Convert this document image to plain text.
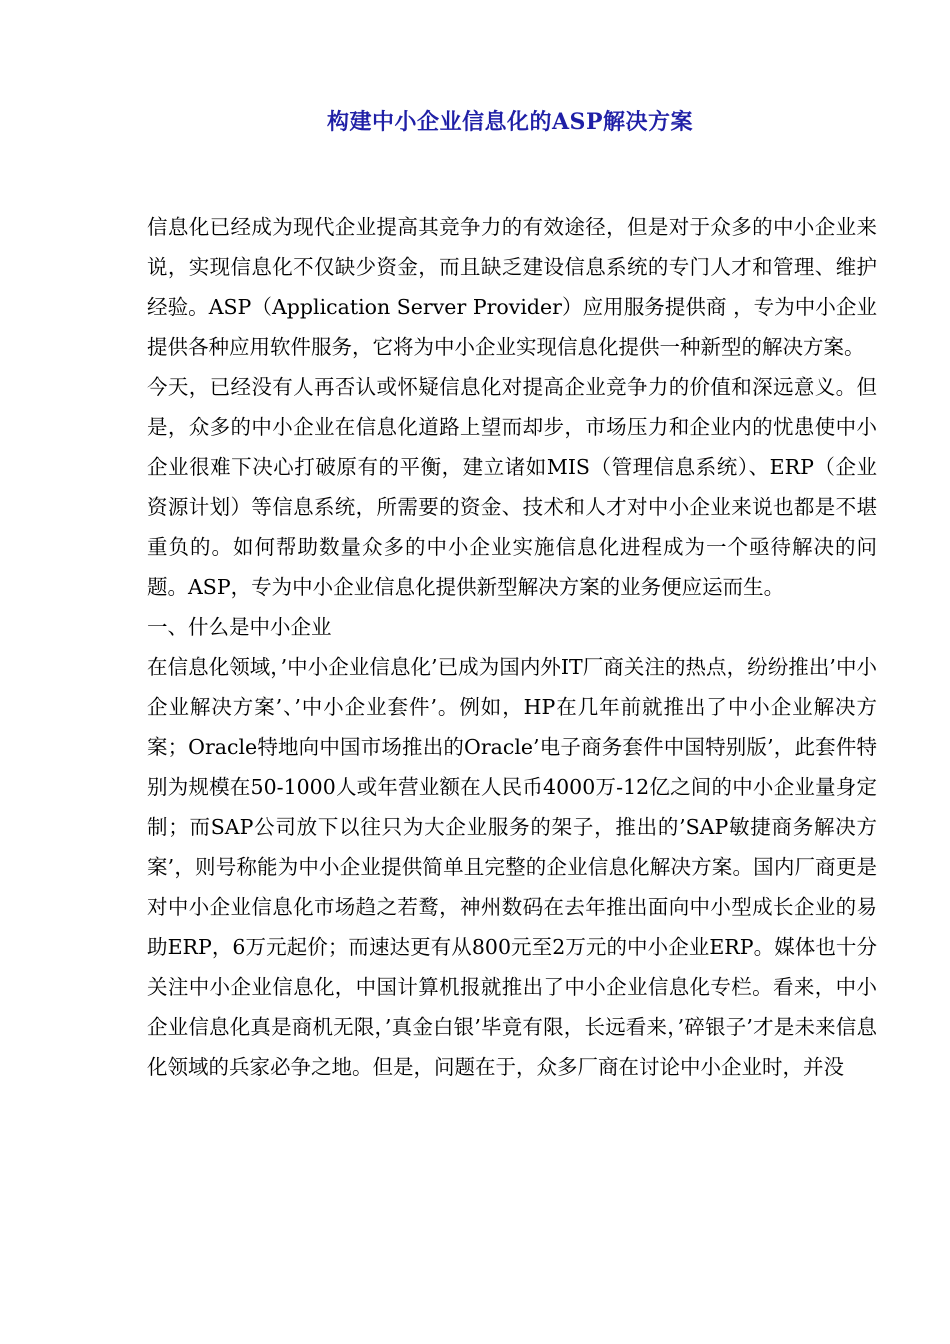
构建中小企业信息化的ASP解决方案

信息化已经成为现代企业提高其竞争力的有效途径，但是对于众多的中小企业来说，实现信息化不仅缺少资金，而且缺乏建设信息系统的专门人才和管理、维护经验。ASP（Application Server Provider）应用服务提供商 ，专为中小企业提供各种应用软件服务，它将为中小企业实现信息化提供一种新型的解决方案。

今天，已经没有人再否认或怀疑信息化对提高企业竞争力的价值和深远意义。但是，众多的中小企业在信息化道路上望而却步，市场压力和企业内的忧患使中小企业很难下决心打破原有的平衡，建立诸如MIS（管理信息系统）、ERP（企业资源计划）等信息系统，所需要的资金、技术和人才对中小企业来说也都是不堪重负的。如何帮助数量众多的中小企业实施信息化进程成为一个亟待解决的问题。ASP，专为中小企业信息化提供新型解决方案的业务便应运而生。

一、什么是中小企业

在信息化领域，’中小企业信息化’已成为国内外IT厂商关注的热点，纷纷推出’中小企业解决方案’、’中小企业套件’。例如，HP在几年前就推出了中小企业解决方案；Oracle特地向中国市场推出的Oracle’电子商务套件中国特别版’，此套件特别为规模在50-1000人或年营业额在人民币4000万-12亿之间的中小企业量身定制；而SAP公司放下以往只为大企业服务的架子，推出的’SAP敏捷商务解决方案’，则号称能为中小企业提供简单且完整的企业信息化解决方案。国内厂商更是对中小企业信息化市场趋之若鹜，神州数码在去年推出面向中小型成长企业的易助ERP，6万元起价；而速达更有从800元至2万元的中小企业ERP。媒体也十分关注中小企业信息化，中国计算机报就推出了中小企业信息化专栏。看来，中小企业信息化真是商机无限，’真金白银’毕竟有限，长远看来，’碎银子’才是未来信息化领域的兵家必争之地。但是，问题在于，众多厂商在讨论中小企业时，并没
